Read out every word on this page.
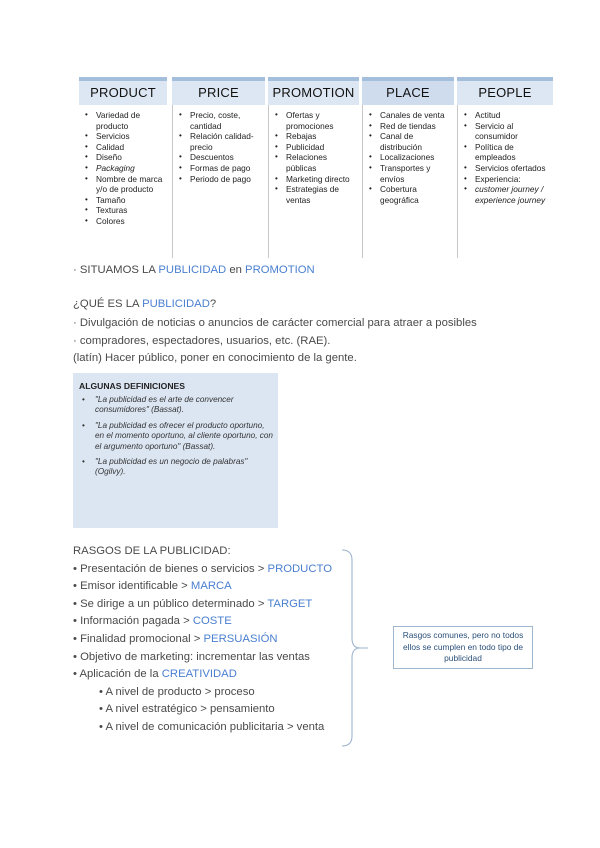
PRODUCT
• Variedad de producto
• Servicios
• Calidad
• Diseño
• Packaging
• Nombre de marca y/o de producto
• Tamaño
• Texturas
• Colores
PRICE
• Precio, coste, cantidad
• Relación calidad-precio
• Descuentos
• Formas de pago
• Periodo de pago
PROMOTION
• Ofertas y promociones
• Rebajas
• Publicidad
• Relaciones públicas
• Marketing directo
• Estrategias de ventas
PLACE
• Canales de venta
• Red de tiendas
• Canal de distribución
• Localizaciones
• Transportes y envíos
• Cobertura geográfica
PEOPLE
• Actitud
• Servicio al consumidor
• Política de empleados
• Servicios ofertados
• Experiencia:
• customer journey / experience journey
· SITUAMOS LA PUBLICIDAD en PROMOTION
¿QUÉ ES LA PUBLICIDAD?
· Divulgación de noticias o anuncios de carácter comercial para atraer a posibles
· compradores, espectadores, usuarios, etc. (RAE).
(latín) Hacer público, poner en conocimiento de la gente.
ALGUNAS DEFINICIONES
• "La publicidad es el arte de convencer consumidores" (Bassat).
• "La publicidad es ofrecer el producto oportuno, en el momento oportuno, al cliente oportuno, con el argumento oportuno" (Bassat).
• "La publicidad es un negocio de palabras" (Ogilvy).
RASGOS DE LA PUBLICIDAD:
• Presentación de bienes o servicios > PRODUCTO
• Emisor identificable > MARCA
• Se dirige a un público determinado > TARGET
• Información pagada > COSTE
• Finalidad promocional > PERSUASIÓN
• Objetivo de marketing: incrementar las ventas
• Aplicación de la CREATIVIDAD
• A nivel de producto > proceso
• A nivel estratégico > pensamiento
• A nivel de comunicación publicitaria > venta
Rasgos comunes, pero no todos ellos se cumplen en todo tipo de publicidad
